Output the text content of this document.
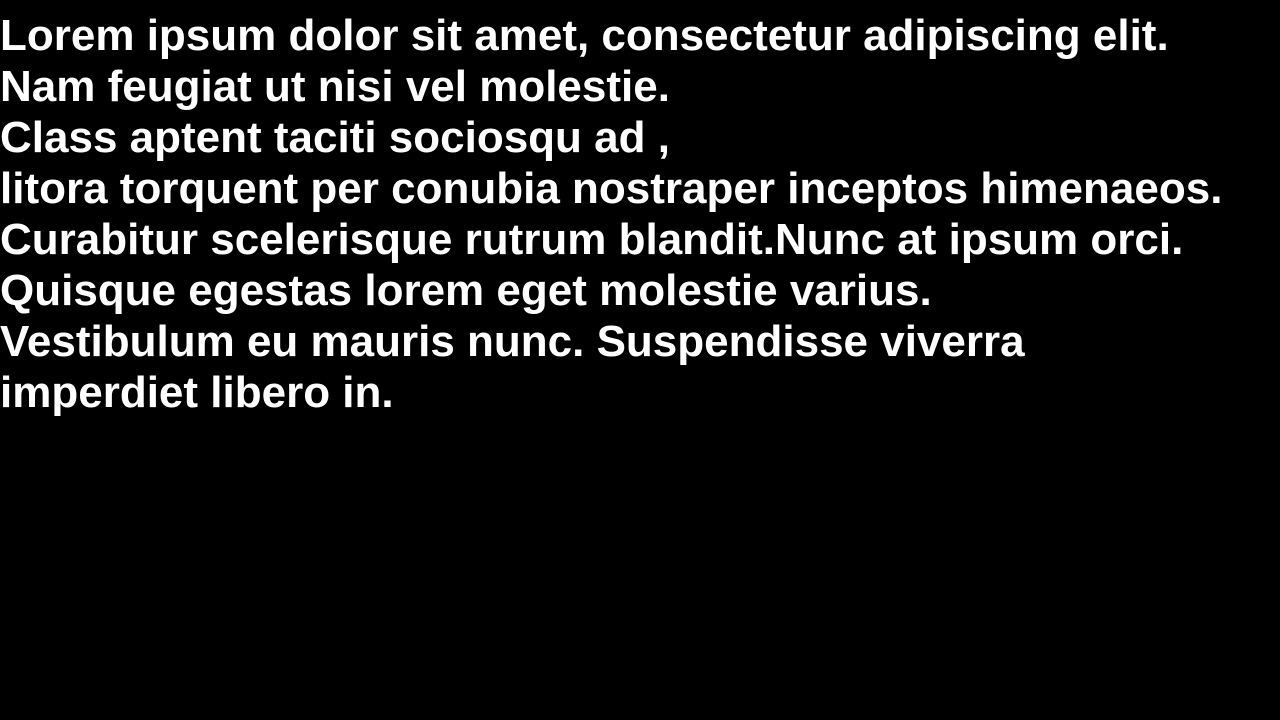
Lorem ipsum dolor sit amet, consectetur adipiscing elit.
Nam feugiat ut nisi vel molestie.
Class aptent taciti sociosqu ad ,
litora torquent per conubia nostraper inceptos himenaeos.
Curabitur scelerisque rutrum blandit.Nunc at ipsum orci.
Quisque egestas lorem eget molestie varius.
Vestibulum eu mauris nunc. Suspendisse viverra
imperdiet libero in.
